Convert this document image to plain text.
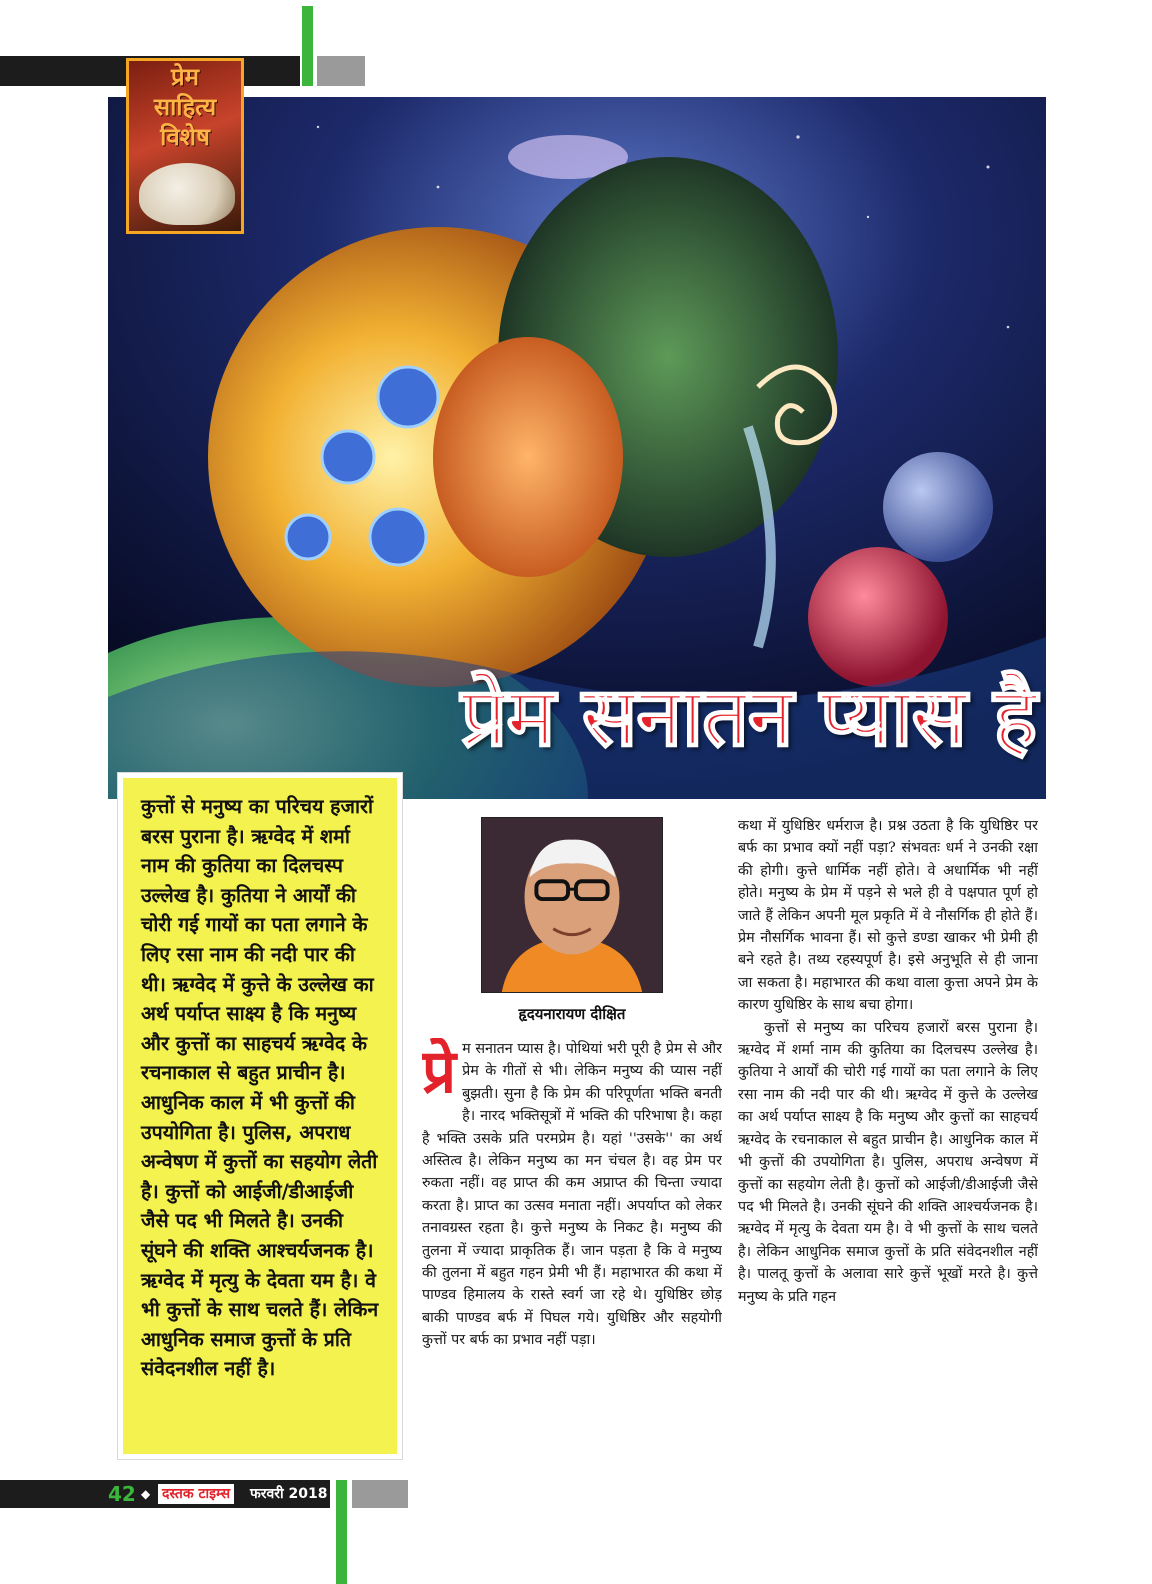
प्रेम
साहित्य
विशेष
प्रेम सनातन प्यास है

कुत्तों से मनुष्य का परिचय हजारों बरस पुराना है। ऋग्वेद में शर्मा नाम की कुतिया का दिलचस्प उल्लेख है। कुतिया ने आर्यों की चोरी गई गायों का पता लगाने के लिए रसा नाम की नदी पार की थी। ऋग्वेद में कुत्ते के उल्लेख का अर्थ पर्याप्त साक्ष्य है कि मनुष्य और कुत्तों का साहचर्य ऋग्वेद के रचनाकाल से बहुत प्राचीन है। आधुनिक काल में भी कुत्तों की उपयोगिता है। पुलिस, अपराध अन्वेषण में कुत्तों का सहयोग लेती है। कुत्तों को आईजी/डीआईजी जैसे पद भी मिलते है। उनकी सूंघने की शक्ति आश्चर्यजनक है। ऋग्वेद में मृत्यु के देवता यम है। वे भी कुत्तों के साथ चलते हैं। लेकिन आधुनिक समाज कुत्तों के प्रति संवेदनशील नहीं है।

हृदयनारायण दीक्षित

प्रे म सनातन प्यास है। पोथियां भरी पूरी है प्रेम से और प्रेम के गीतों से भी। लेकिन मनुष्य की प्यास नहीं बुझती। सुना है कि प्रेम की परिपूर्णता भक्ति बनती है। नारद भक्तिसूत्रों में भक्ति की परिभाषा है। कहा है भक्ति उसके प्रति परमप्रेम है। यहां ''उसके'' का अर्थ अस्तित्व है। लेकिन मनुष्य का मन चंचल है। वह प्रेम पर रुकता नहीं। वह प्राप्त की कम अप्राप्त की चिन्ता ज्यादा करता है। प्राप्त का उत्सव मनाता नहीं। अपर्याप्त को लेकर तनावग्रस्त रहता है। कुत्ते मनुष्य के निकट है। मनुष्य की तुलना में ज्यादा प्राकृतिक हैं। जान पड़ता है कि वे मनुष्य की तुलना में बहुत गहन प्रेमी भी हैं। महाभारत की कथा में पाण्डव हिमालय के रास्ते स्वर्ग जा रहे थे। युधिष्ठिर छोड़ बाकी पाण्डव बर्फ में पिघल गये। युधिष्ठिर और सहयोगी कुत्तों पर बर्फ का प्रभाव नहीं पड़ा।

कथा में युधिष्ठिर धर्मराज है। प्रश्न उठता है कि युधिष्ठिर पर बर्फ का प्रभाव क्यों नहीं पड़ा? संभवतः धर्म ने उनकी रक्षा की होगी। कुत्ते धार्मिक नहीं होते। वे अधार्मिक भी नहीं होते। मनुष्य के प्रेम में पड़ने से भले ही वे पक्षपात पूर्ण हो जाते हैं लेकिन अपनी मूल प्रकृति में वे नौसर्गिक ही होते हैं। प्रेम नौसर्गिक भावना हैं। सो कुत्ते डण्डा खाकर भी प्रेमी ही बने रहते है। तथ्य रहस्यपूर्ण है। इसे अनुभूति से ही जाना जा सकता है। महाभारत की कथा वाला कुत्ता अपने प्रेम के कारण युधिष्ठिर के साथ बचा होगा।

कुत्तों से मनुष्य का परिचय हजारों बरस पुराना है। ऋग्वेद में शर्मा नाम की कुतिया का दिलचस्प उल्लेख है। कुतिया ने आर्यों की चोरी गई गायों का पता लगाने के लिए रसा नाम की नदी पार की थी। ऋग्वेद में कुत्ते के उल्लेख का अर्थ पर्याप्त साक्ष्य है कि मनुष्य और कुत्तों का साहचर्य ऋग्वेद के रचनाकाल से बहुत प्राचीन है। आधुनिक काल में भी कुत्तों की उपयोगिता है। पुलिस, अपराध अन्वेषण में कुत्तों का सहयोग लेती है। कुत्तों को आईजी/डीआईजी जैसे पद भी मिलते है। उनकी सूंघने की शक्ति आश्चर्यजनक है। ऋग्वेद में मृत्यु के देवता यम है। वे भी कुत्तों के साथ चलते है। लेकिन आधुनिक समाज कुत्तों के प्रति संवेदनशील नहीं है। पालतू कुत्तों के अलावा सारे कुत्तें भूखों मरते है। कुत्ते मनुष्य के प्रति गहन

42 ◆ दस्तक टाइम्स फरवरी 2018
